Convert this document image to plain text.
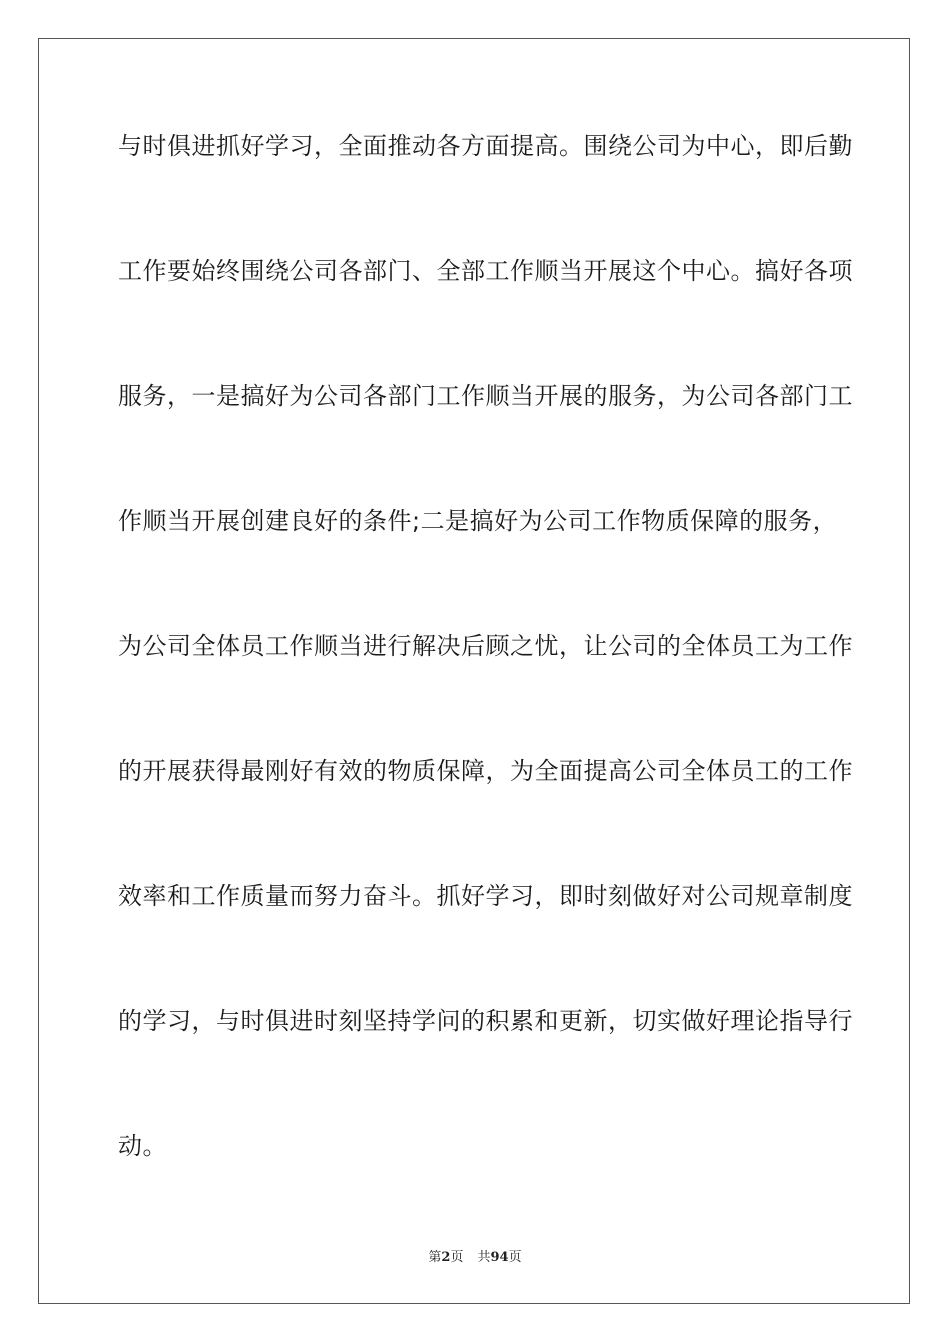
与时俱进抓好学习，全面推动各方面提高。围绕公司为中心，即后勤
工作要始终围绕公司各部门、全部工作顺当开展这个中心。搞好各项
服务，一是搞好为公司各部门工作顺当开展的服务，为公司各部门工
作顺当开展创建良好的条件;二是搞好为公司工作物质保障的服务，
为公司全体员工作顺当进行解决后顾之忧，让公司的全体员工为工作
的开展获得最刚好有效的物质保障，为全面提高公司全体员工的工作
效率和工作质量而努力奋斗。抓好学习，即时刻做好对公司规章制度
的学习，与时俱进时刻坚持学问的积累和更新，切实做好理论指导行
动。
第2页 共94页
